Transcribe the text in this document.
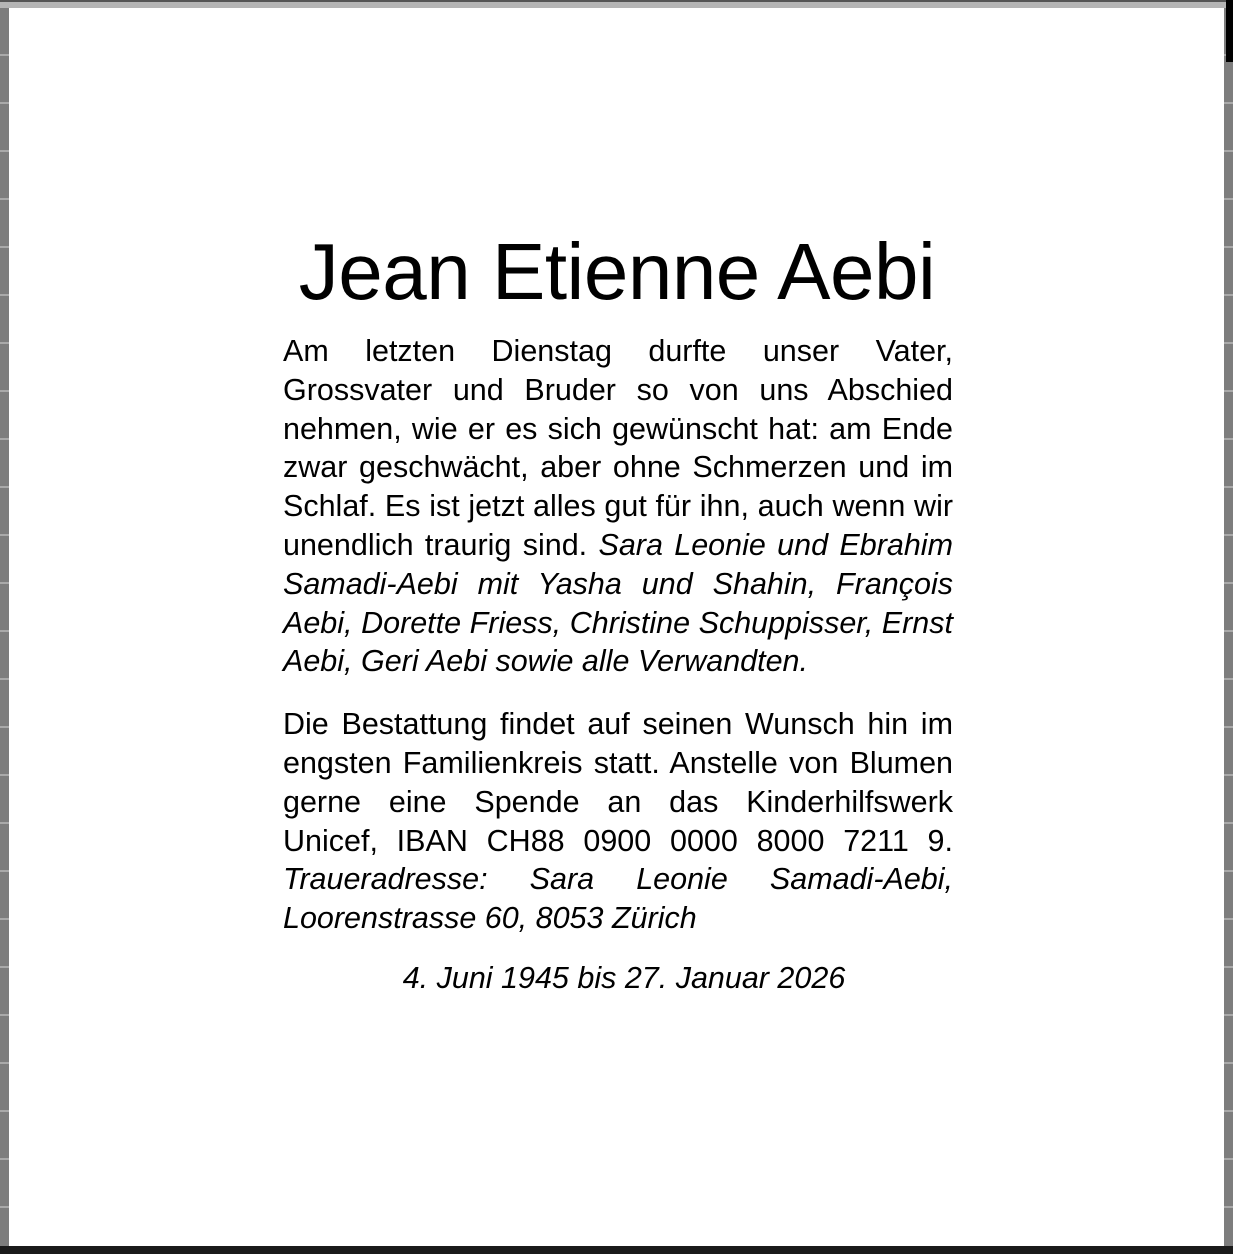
Jean Etienne Aebi

Am letzten Dienstag durfte unser Vater, Grossvater und Bruder so von uns Abschied nehmen, wie er es sich gewünscht hat: am Ende zwar geschwächt, aber ohne Schmerzen und im Schlaf. Es ist jetzt alles gut für ihn, auch wenn wir unendlich traurig sind. Sara Leonie und Ebrahim Samadi-Aebi mit Yasha und Shahin, François Aebi, Dorette Friess, Christine Schuppisser, Ernst Aebi, Geri Aebi sowie alle Verwandten.

Die Bestattung findet auf seinen Wunsch hin im engsten Familienkreis statt. Anstelle von Blumen gerne eine Spende an das Kinderhilfswerk Unicef, IBAN CH88 0900 0000 8000 7211 9. Traueradresse: Sara Leonie Samadi-Aebi, Loorenstrasse 60, 8053 Zürich

4. Juni 1945 bis 27. Januar 2026
